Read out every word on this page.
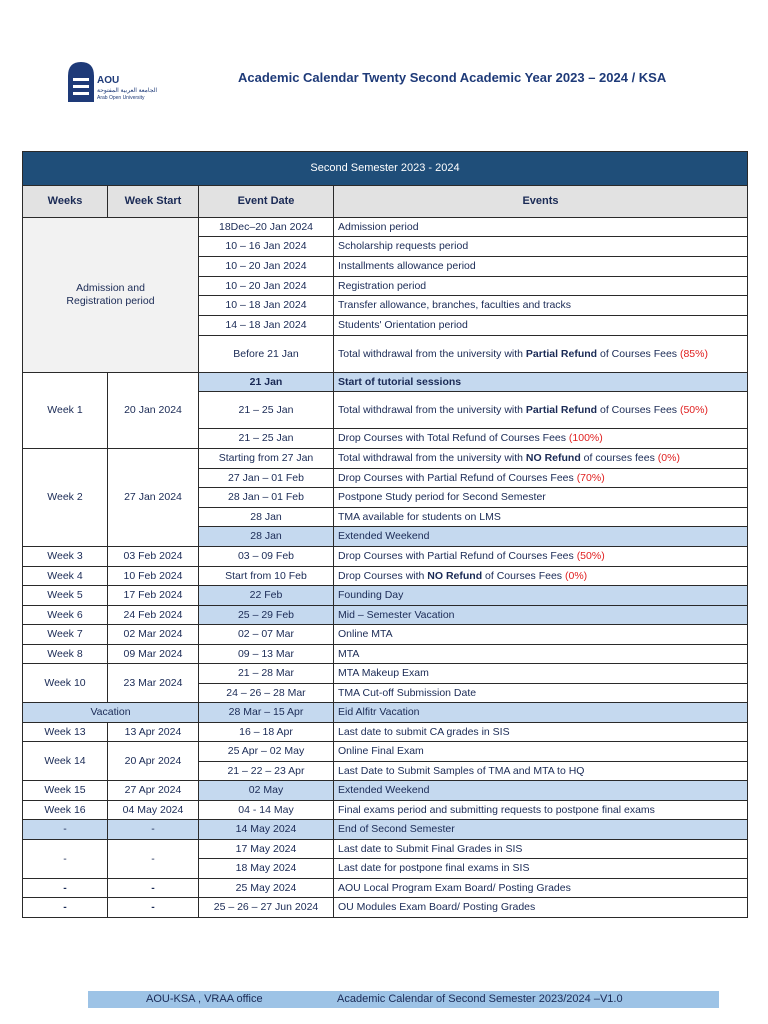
AOU
الجامعة العربية المفتوحة
Arab Open University
Academic Calendar Twenty Second Academic Year 2023 – 2024 / KSA
Second Semester 2023 - 2024			
Weeks	Week Start	Event Date	Events
Admission and
Registration period		18Dec–20 Jan 2024	Admission period
		10 – 16 Jan 2024	Scholarship requests period
		10 – 20 Jan 2024	Installments allowance period
		10 – 20 Jan 2024	Registration period
		10 – 18 Jan 2024	Transfer allowance, branches, faculties and tracks
		14 – 18 Jan 2024	Students' Orientation period
		Before 21 Jan	Total withdrawal from the university with Partial Refund of Courses Fees (85%)

Week 1	20 Jan 2024	21 Jan	Start of tutorial sessions
		21 – 25 Jan	Total withdrawal from the university with Partial Refund of Courses Fees (50%)
		21 – 25 Jan	Drop Courses with Total Refund of Courses Fees (100%)
Week 2	27 Jan 2024	Starting from 27 Jan	Total withdrawal from the university with NO Refund of courses fees (0%)
		27 Jan – 01 Feb	Drop Courses with Partial Refund of Courses Fees (70%)
		28 Jan – 01 Feb	Postpone Study period for Second Semester
		28 Jan	TMA available for students on LMS
		28 Jan	Extended Weekend
Week 3	03 Feb 2024	03 – 09 Feb	Drop Courses with Partial Refund of Courses Fees (50%)
Week 4	10 Feb 2024	Start from 10 Feb	Drop Courses with NO Refund of Courses Fees (0%)
Week 5	17 Feb 2024	22 Feb	Founding Day
Week 6	24 Feb 2024	25 – 29 Feb	Mid – Semester Vacation
Week 7	02 Mar 2024	02 – 07 Mar	Online MTA
Week 8	09 Mar 2024	09 – 13 Mar	MTA
Week 10	23 Mar 2024	21 – 28 Mar	MTA Makeup Exam
		24 – 26 – 28 Mar	TMA Cut-off Submission Date
Vacation		28 Mar – 15 Apr	Eid Alfitr Vacation
Week 13	13 Apr 2024	16 – 18 Apr	Last date to submit CA grades in SIS
Week 14	20 Apr 2024	25 Apr – 02 May	Online Final Exam
		21 – 22 – 23 Apr	Last Date to Submit Samples of TMA and MTA to HQ
Week 15	27 Apr 2024	02 May	Extended Weekend
Week 16	04 May 2024	04 - 14 May	Final exams period and submitting requests to postpone final exams
-	-	14 May 2024	End of Second Semester
-	-	17 May 2024	Last date to Submit Final Grades in SIS
		18 May 2024	Last date for postpone final exams in SIS
-	-	25 May 2024	AOU Local Program Exam Board/ Posting Grades
-	-	25 – 26 – 27 Jun 2024	OU Modules Exam Board/ Posting Grades
AOU-KSA , VRAA office	Academic Calendar of Second Semester 2023/2024 –V1.0
